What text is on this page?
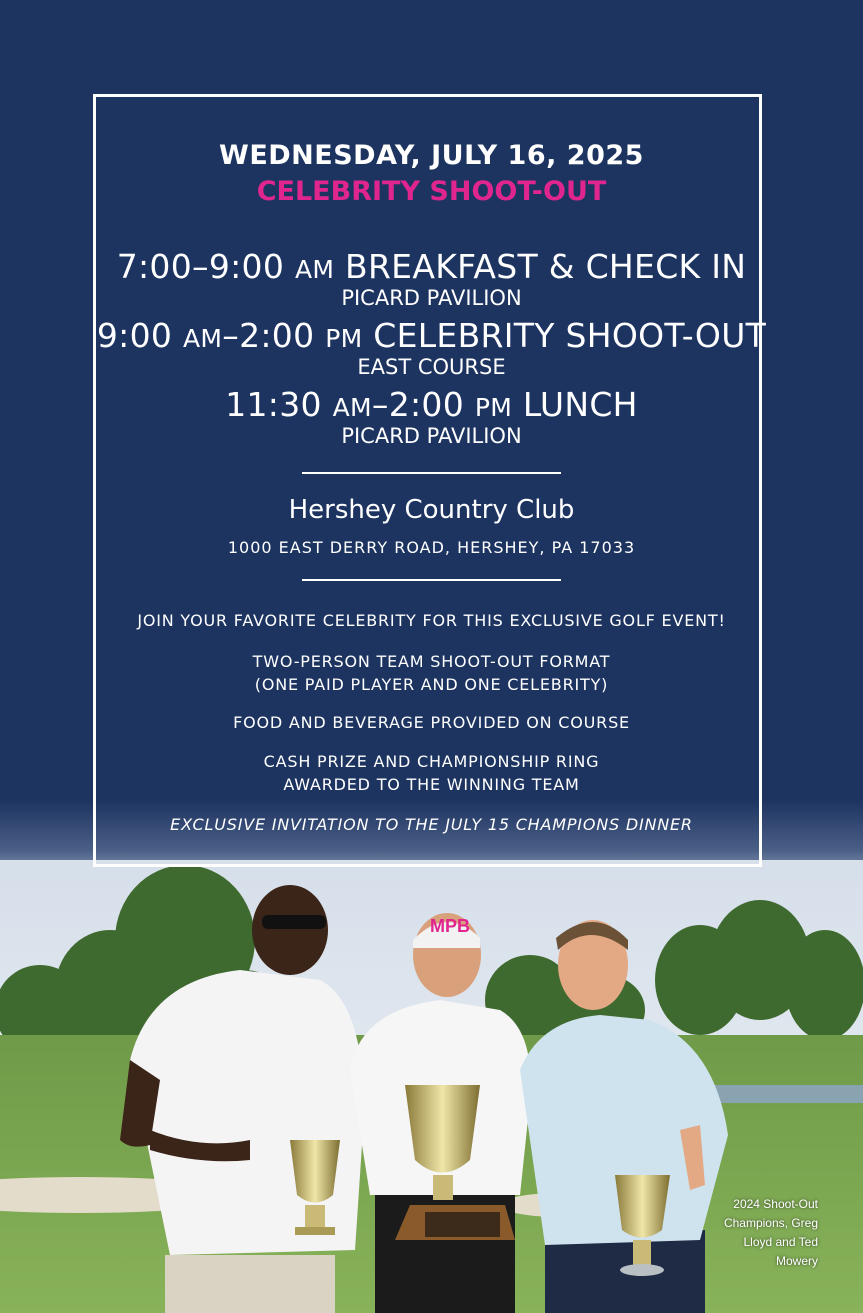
MPB
WEDNESDAY, JULY 16, 2025
CELEBRITY SHOOT-OUT
7:00–9:00 AM BREAKFAST & CHECK IN
PICARD PAVILION
9:00 AM–2:00 PM CELEBRITY SHOOT-OUT
EAST COURSE
11:30 AM–2:00 PM LUNCH
PICARD PAVILION
Hershey Country Club
1000 EAST DERRY ROAD, HERSHEY, PA 17033
JOIN YOUR FAVORITE CELEBRITY FOR THIS EXCLUSIVE GOLF EVENT!
TWO-PERSON TEAM SHOOT-OUT FORMAT
(ONE PAID PLAYER AND ONE CELEBRITY)
FOOD AND BEVERAGE PROVIDED ON COURSE
CASH PRIZE AND CHAMPIONSHIP RING
AWARDED TO THE WINNING TEAM
EXCLUSIVE INVITATION TO THE JULY 15 CHAMPIONS DINNER
2024 Shoot-Out
Champions, Greg
Lloyd and Ted
Mowery
